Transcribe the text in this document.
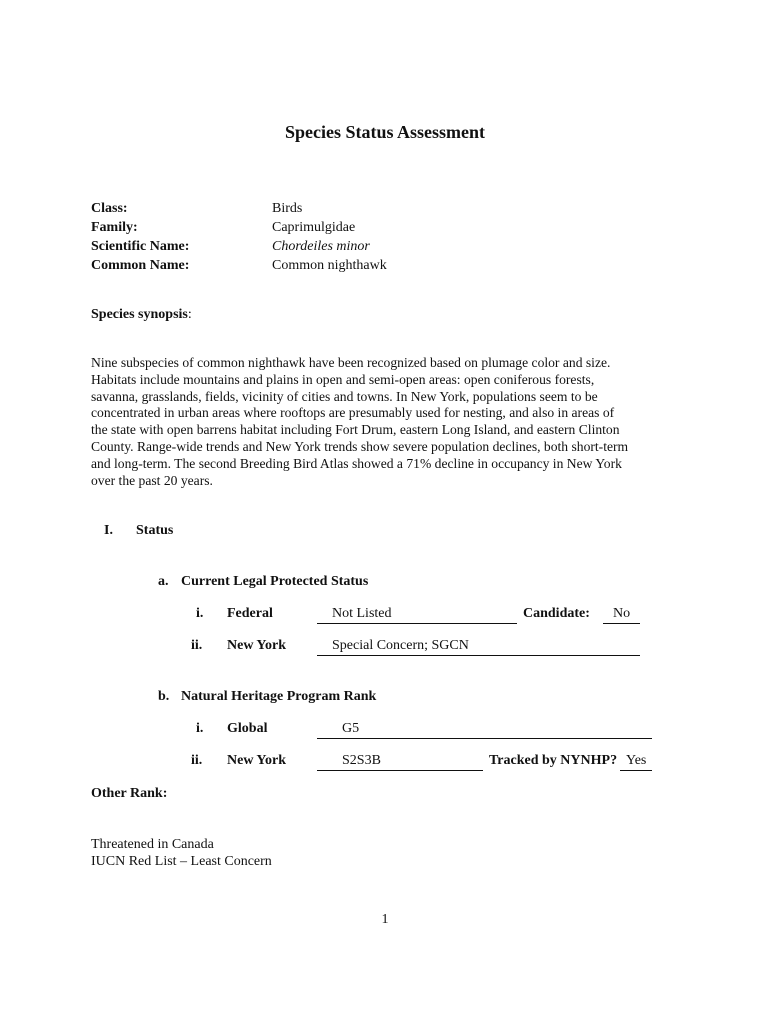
Species Status Assessment
Class:	Birds
Family:	Caprimulgidae
Scientific Name:	Chordeiles minor
Common Name:	Common nighthawk
Species synopsis:
Nine subspecies of common nighthawk have been recognized based on plumage color and size.
Habitats include mountains and plains in open and semi-open areas: open coniferous forests,
savanna, grasslands, fields, vicinity of cities and towns. In New York, populations seem to be
concentrated in urban areas where rooftops are presumably used for nesting, and also in areas of
the state with open barrens habitat including Fort Drum, eastern Long Island, and eastern Clinton
County. Range-wide trends and New York trends show severe population declines, both short-term
and long-term. The second Breeding Bird Atlas showed a 71% decline in occupancy in New York
over the past 20 years.
I. Status
a. Current Legal Protected Status
i. Federal	Not Listed	Candidate: No
ii. New York	Special Concern; SGCN
b. Natural Heritage Program Rank
i. Global	G5
ii. New York	S2S3B	Tracked by NYNHP? Yes
Other Rank:
Threatened in Canada
IUCN Red List – Least Concern
1
